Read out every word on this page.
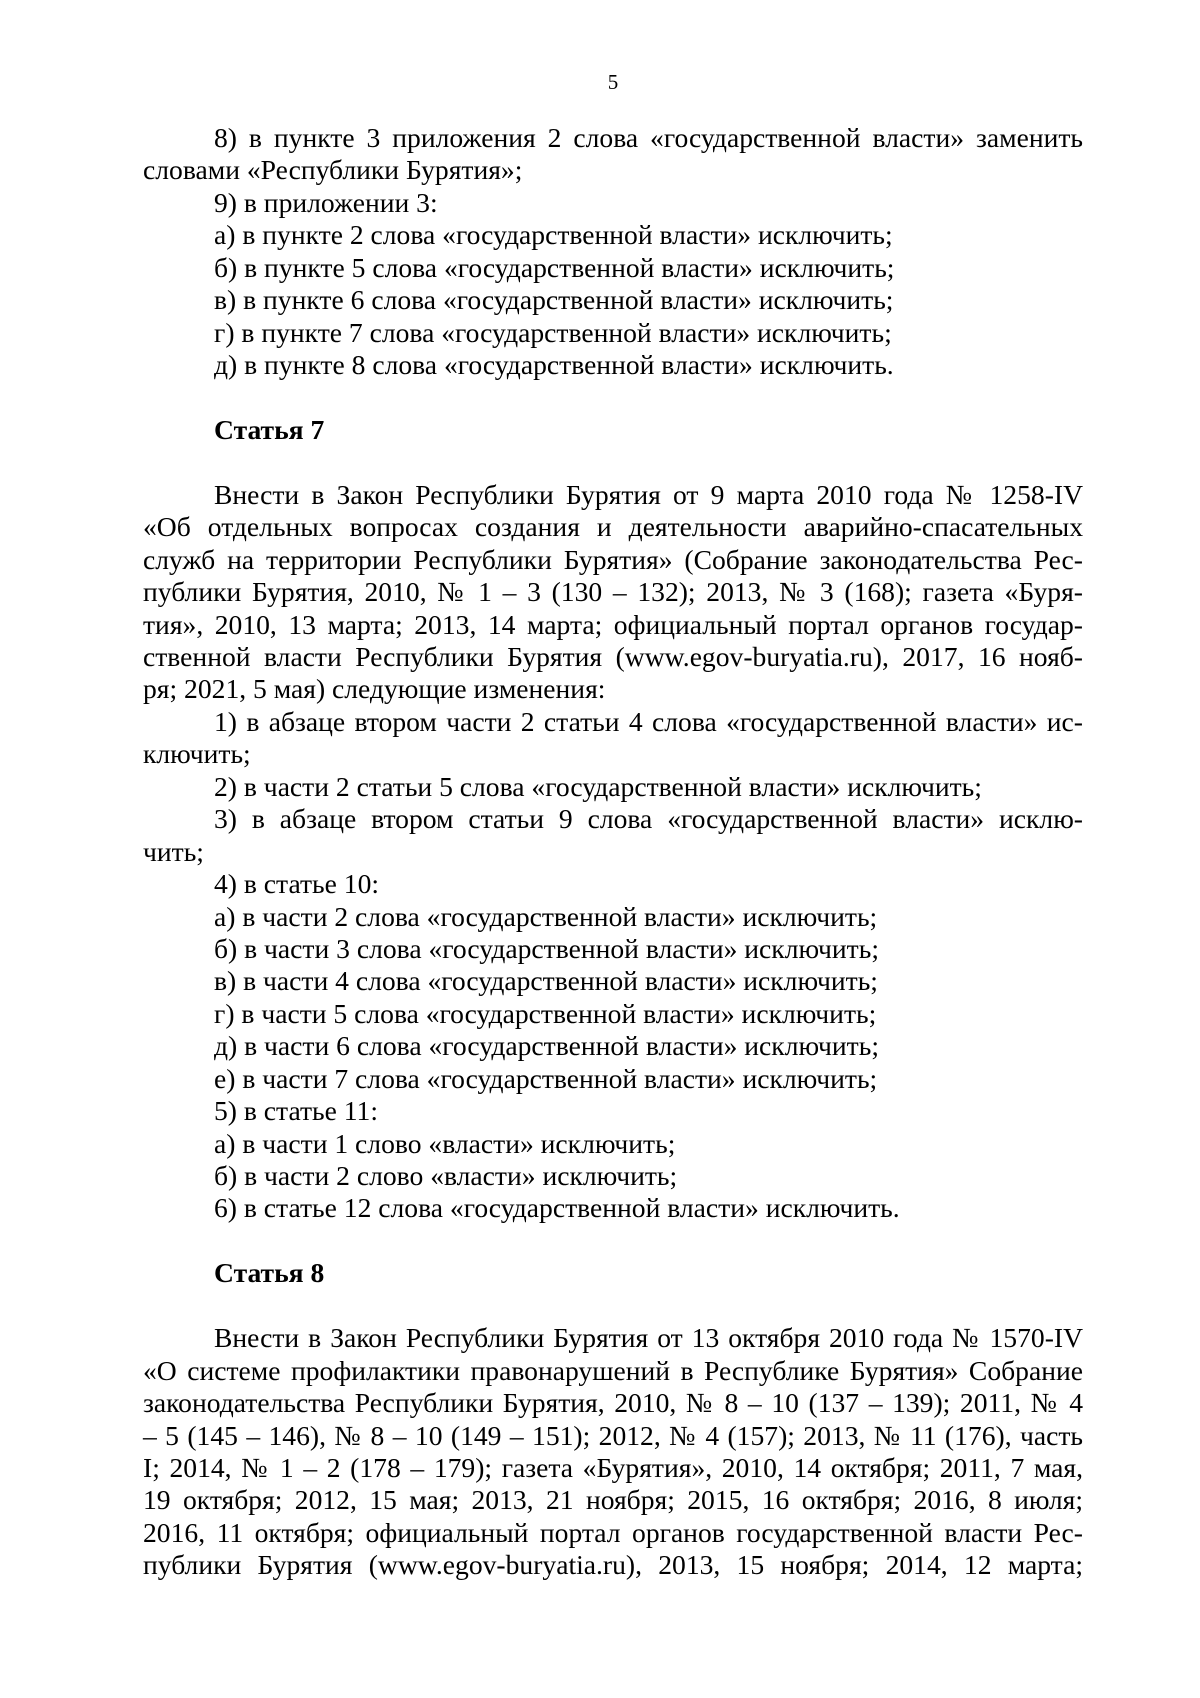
5
8) в пункте 3 приложения 2 слова «государственной власти» заменить
словами «Республики Бурятия»;
9) в приложении 3:
а) в пункте 2 слова «государственной власти» исключить;
б) в пункте 5 слова «государственной власти» исключить;
в) в пункте 6 слова «государственной власти» исключить;
г) в пункте 7 слова «государственной власти» исключить;
д) в пункте 8 слова «государственной власти» исключить.
Статья 7
Внести в Закон Республики Бурятия от 9 марта 2010 года № 1258-IV
«Об отдельных вопросах создания и деятельности аварийно-спасательных
служб на территории Республики Бурятия» (Собрание законодательства Рес-
публики Бурятия, 2010, № 1 – 3 (130 – 132); 2013, № 3 (168); газета «Буря-
тия», 2010, 13 марта; 2013, 14 марта; официальный портал органов государ-
ственной власти Республики Бурятия (www.egov-buryatia.ru), 2017, 16 нояб-
ря; 2021, 5 мая) следующие изменения:
1) в абзаце втором части 2 статьи 4 слова «государственной власти» ис-
ключить;
2) в части 2 статьи 5 слова «государственной власти» исключить;
3) в абзаце втором статьи 9 слова «государственной власти» исклю-
чить;
4) в статье 10:
а) в части 2 слова «государственной власти» исключить;
б) в части 3 слова «государственной власти» исключить;
в) в части 4 слова «государственной власти» исключить;
г) в части 5 слова «государственной власти» исключить;
д) в части 6 слова «государственной власти» исключить;
е) в части 7 слова «государственной власти» исключить;
5) в статье 11:
а) в части 1 слово «власти» исключить;
б) в части 2 слово «власти» исключить;
6) в статье 12 слова «государственной власти» исключить.
Статья 8
Внести в Закон Республики Бурятия от 13 октября 2010 года № 1570-IV
«О системе профилактики правонарушений в Республике Бурятия» Собрание
законодательства Республики Бурятия, 2010, № 8 – 10 (137 – 139); 2011, № 4
– 5 (145 – 146), № 8 – 10 (149 – 151); 2012, № 4 (157); 2013, № 11 (176), часть
I; 2014, № 1 – 2 (178 – 179); газета «Бурятия», 2010, 14 октября; 2011, 7 мая,
19 октября; 2012, 15 мая; 2013, 21 ноября; 2015, 16 октября; 2016, 8 июля;
2016, 11 октября; официальный портал органов государственной власти Рес-
публики Бурятия (www.egov-buryatia.ru), 2013, 15 ноября; 2014, 12 марта;
